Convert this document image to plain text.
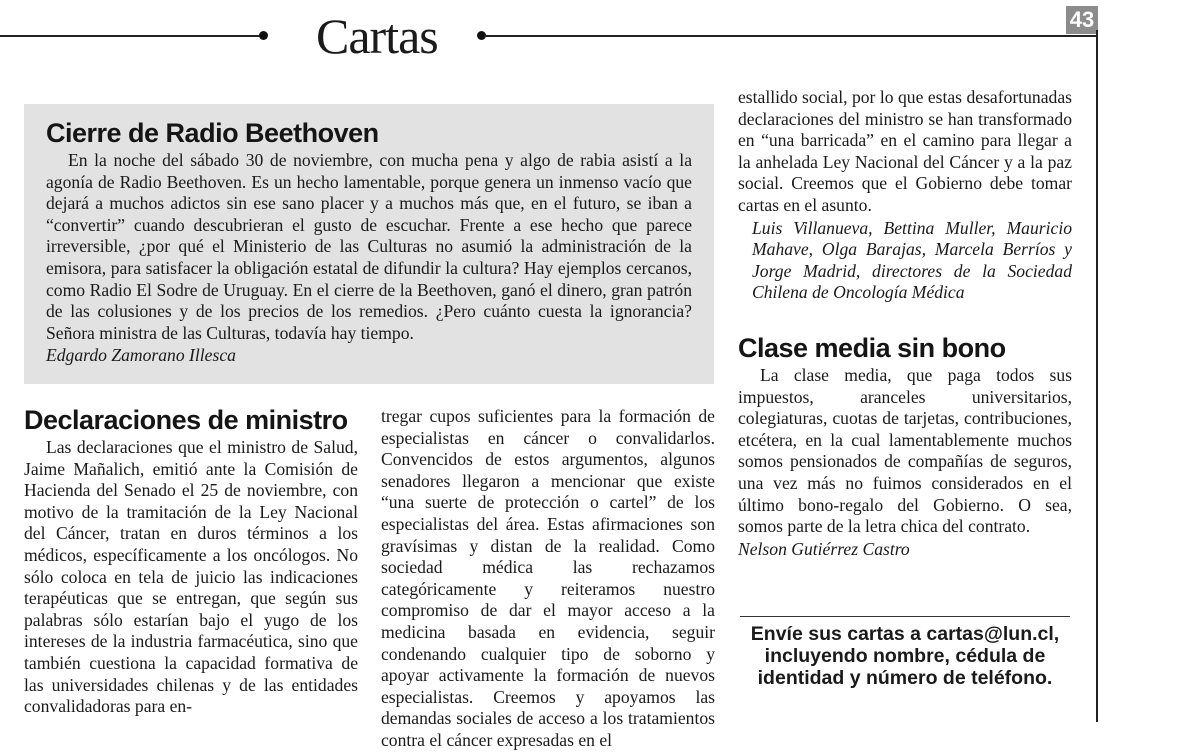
Cartas	43
Cierre de Radio Beethoven

En la noche del sábado 30 de noviembre, con mucha pena y algo de rabia asistí a la agonía de Radio Beethoven. Es un hecho lamentable, porque genera un inmenso vacío que dejará a muchos adictos sin ese sano placer y a muchos más que, en el futuro, se iban a “convertir” cuando descubrieran el gusto de escuchar. Frente a ese hecho que parece irreversible, ¿por qué el Ministerio de las Culturas no asumió la administración de la emisora, para satisfacer la obligación estatal de difundir la cultura? Hay ejemplos cercanos, como Radio El Sodre de Uruguay. En el cierre de la Beethoven, ganó el dinero, gran patrón de las colusiones y de los precios de los remedios. ¿Pero cuánto cuesta la ignorancia? Señora ministra de las Culturas, todavía hay tiempo.

Edgardo Zamorano Illesca

Declaraciones de ministro

Las declaraciones que el ministro de Salud, Jaime Mañalich, emitió ante la Comisión de Hacienda del Senado el 25 de noviembre, con motivo de la tramitación de la Ley Nacional del Cáncer, tratan en duros términos a los médicos, específicamente a los oncólogos. No sólo coloca en tela de juicio las indicaciones terapéuticas que se entregan, que según sus palabras sólo estarían bajo el yugo de los intereses de la industria farmacéutica, sino que también cuestiona la capacidad formativa de las universidades chilenas y de las entidades convalidadoras para en-

tregar cupos suficientes para la formación de especialistas en cáncer o convalidarlos. Convencidos de estos argumentos, algunos senadores llegaron a mencionar que existe “una suerte de protección o cartel” de los especialistas del área. Estas afirmaciones son gravísimas y distan de la realidad. Como sociedad médica las rechazamos categóricamente y reiteramos nuestro compromiso de dar el mayor acceso a la medicina basada en evidencia, seguir condenando cualquier tipo de soborno y apoyar activamente la formación de nuevos especialistas. Creemos y apoyamos las demandas sociales de acceso a los tratamientos contra el cáncer expresadas en el

estallido social, por lo que estas desafortunadas declaraciones del ministro se han transformado en “una barricada” en el camino para llegar a la anhelada Ley Nacional del Cáncer y a la paz social. Creemos que el Gobierno debe tomar cartas en el asunto.

Luis Villanueva, Bettina Muller, Mauricio Mahave, Olga Barajas, Marcela Berríos y Jorge Madrid, directores de la Sociedad Chilena de Oncología Médica

Clase media sin bono

La clase media, que paga todos sus impuestos, aranceles universitarios, colegiaturas, cuotas de tarjetas, contribuciones, etcétera, en la cual lamentablemente muchos somos pensionados de compañías de seguros, una vez más no fuimos considerados en el último bono-regalo del Gobierno. O sea, somos parte de la letra chica del contrato.

Nelson Gutiérrez Castro

Envíe sus cartas a cartas@lun.cl, incluyendo nombre, cédula de identidad y número de teléfono.
